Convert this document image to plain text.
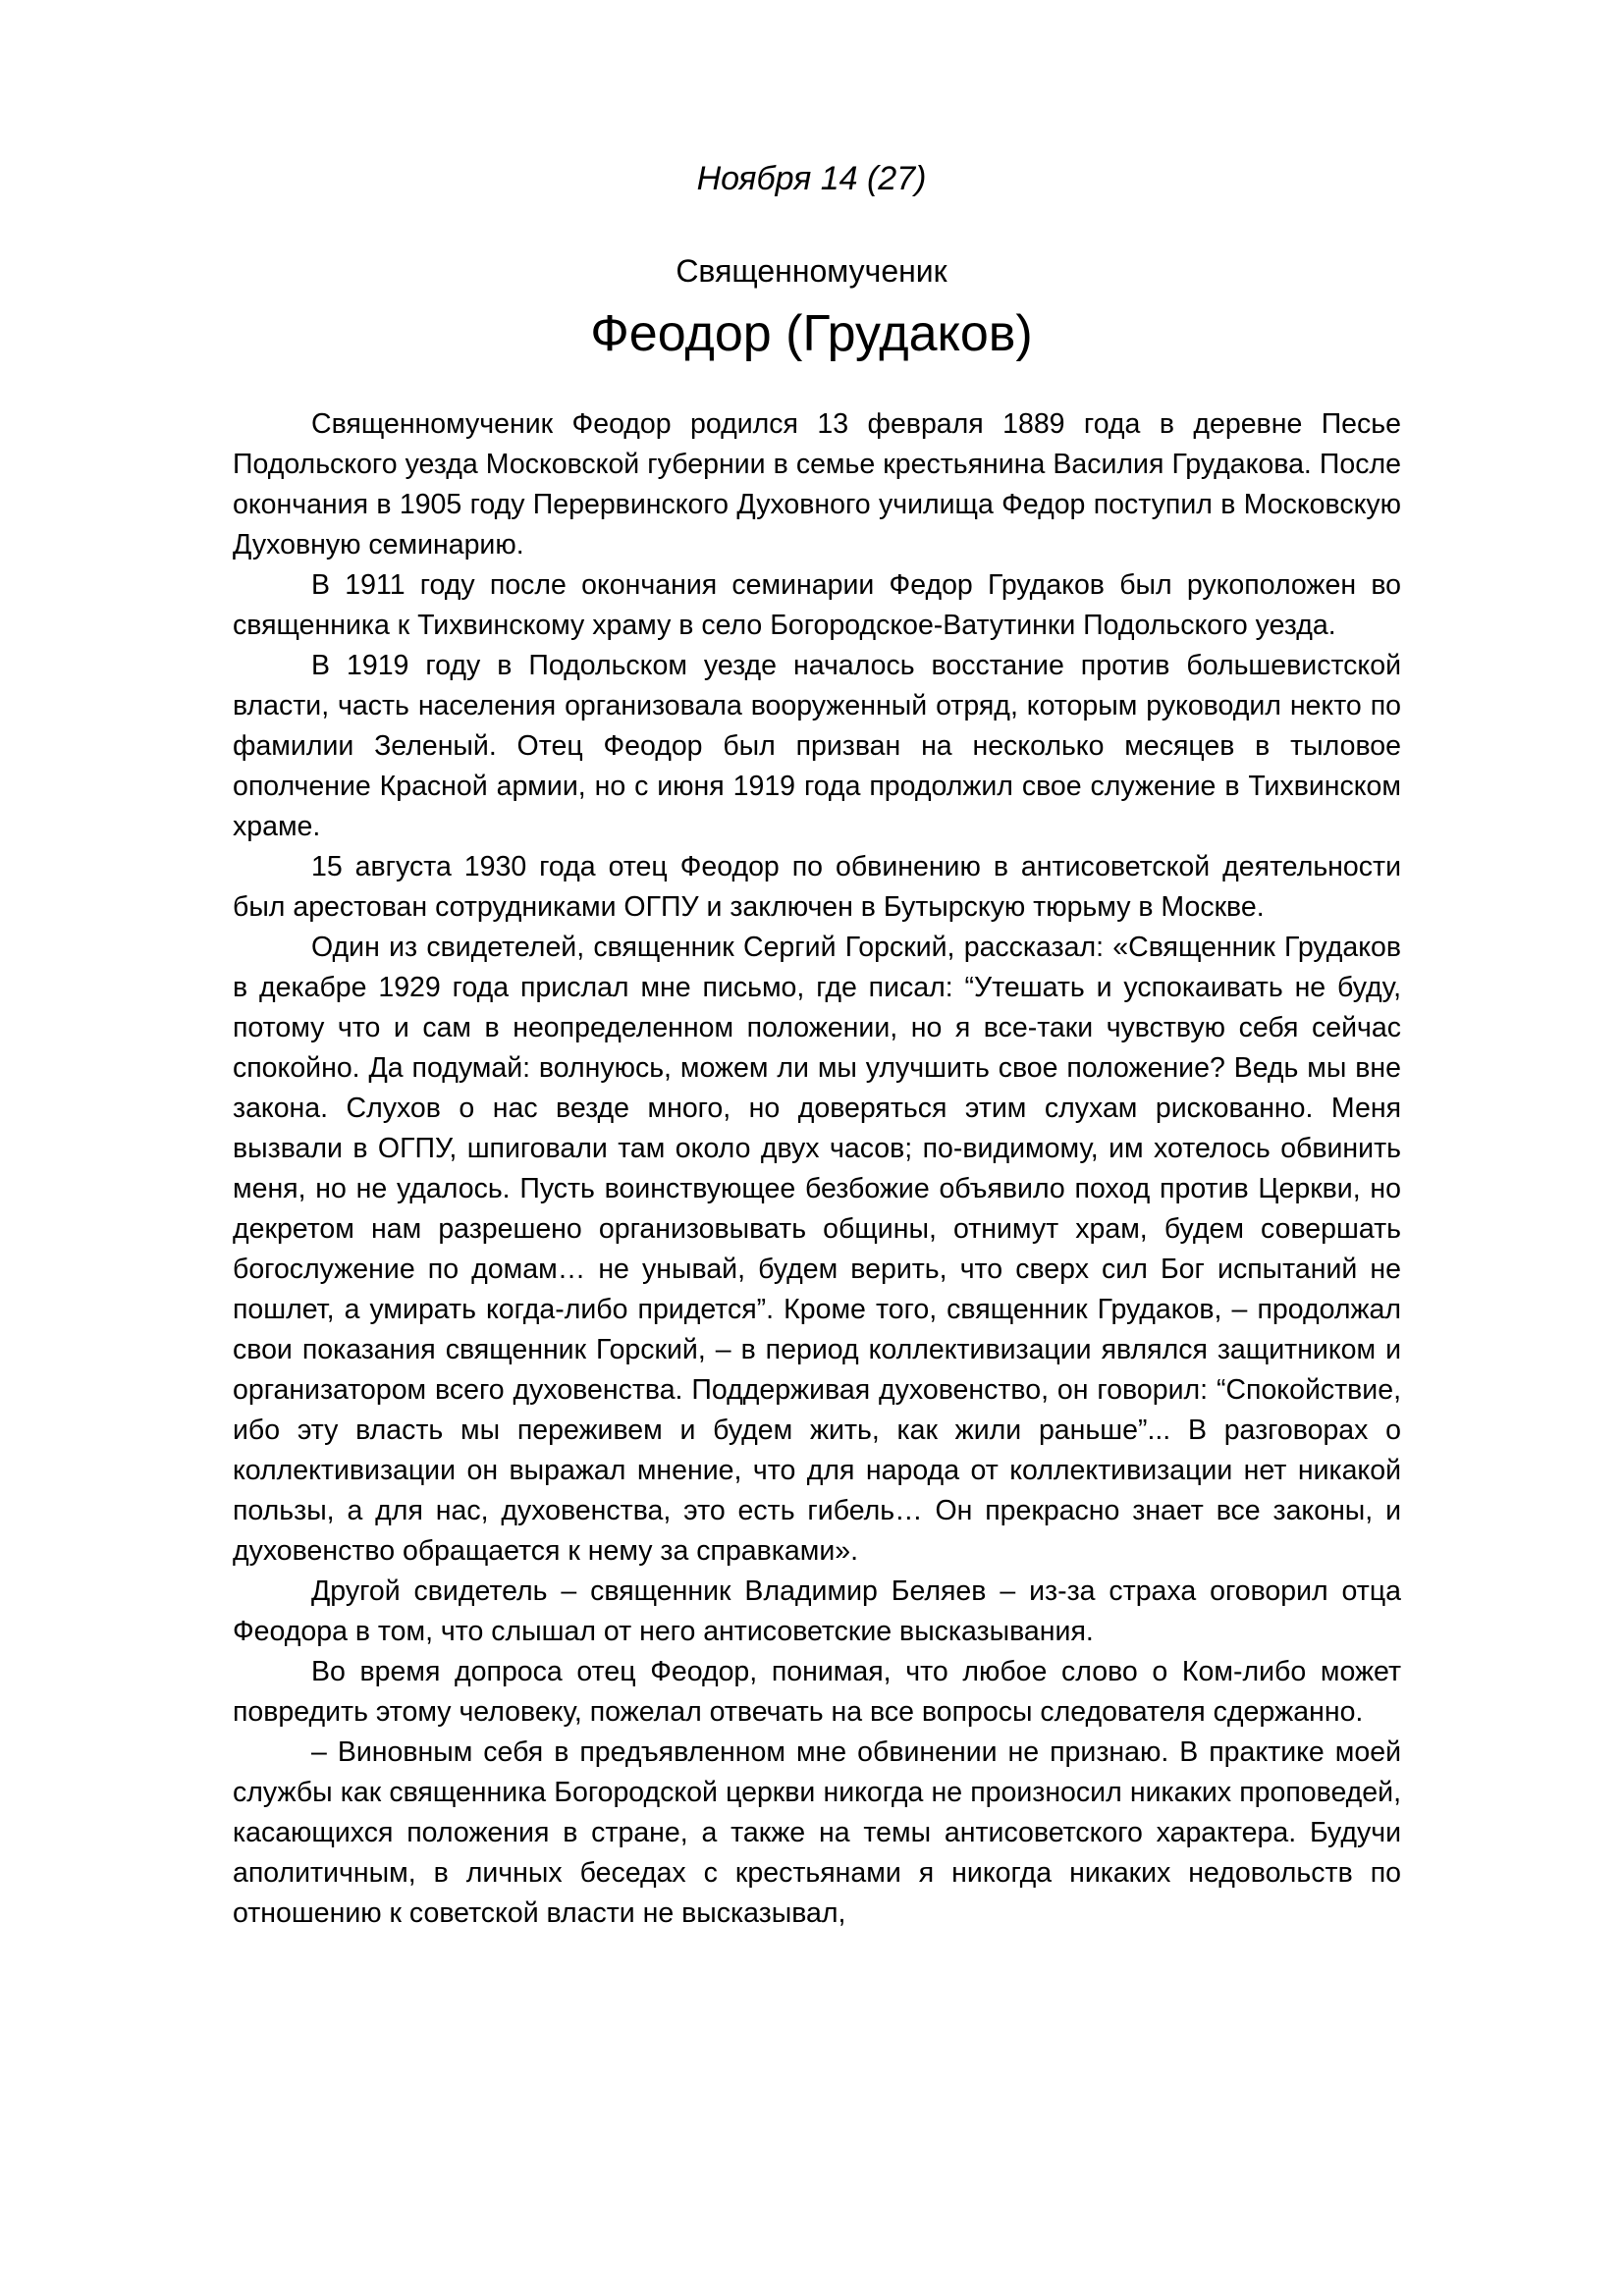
Ноября 14 (27)
Священномученик
Феодор (Грудаков)

Священномученик Феодор родился 13 февраля 1889 года в деревне Песье Подольского уезда Московской губернии в семье крестьянина Василия Грудакова. После окончания в 1905 году Перервинского Духовного училища Федор поступил в Московскую Духовную семинарию.

В 1911 году после окончания семинарии Федор Грудаков был рукоположен во священника к Тихвинскому храму в село Богородское-Ватутинки Подольского уезда.

В 1919 году в Подольском уезде началось восстание против большевистской власти, часть населения организовала вооруженный отряд, которым руководил некто по фамилии Зеленый. Отец Феодор был призван на несколько месяцев в тыловое ополчение Красной армии, но с июня 1919 года продолжил свое служение в Тихвинском храме.

15 августа 1930 года отец Феодор по обвинению в антисоветской деятельности был арестован сотрудниками ОГПУ и заключен в Бутырскую тюрьму в Москве.

Один из свидетелей, священник Сергий Горский, рассказал: «Священник Грудаков в декабре 1929 года прислал мне письмо, где писал: “Утешать и успокаивать не буду, потому что и сам в неопределенном положении, но я все-таки чувствую себя сейчас спокойно. Да подумай: волнуюсь, можем ли мы улучшить свое положение? Ведь мы вне закона. Слухов о нас везде много, но доверяться этим слухам рискованно. Меня вызвали в ОГПУ, шпиговали там около двух часов; по-видимому, им хотелось обвинить меня, но не удалось. Пусть воинствующее безбожие объявило поход против Церкви, но декретом нам разрешено организовывать общины, отнимут храм, будем совершать богослужение по домам… не унывай, будем верить, что сверх сил Бог испытаний не пошлет, а умирать когда-либо придется”. Кроме того, священник Грудаков, – продолжал свои показания священник Горский, – в период коллективизации являлся защитником и организатором всего духовенства. Поддерживая духовенство, он говорил: “Спокойствие, ибо эту власть мы переживем и будем жить, как жили раньше”... В разговорах о коллективизации он выражал мнение, что для народа от коллективизации нет никакой пользы, а для нас, духовенства, это есть гибель… Он прекрасно знает все законы, и духовенство обращается к нему за справками».

Другой свидетель – священник Владимир Беляев – из-за страха оговорил отца Феодора в том, что слышал от него антисоветские высказывания.

Во время допроса отец Феодор, понимая, что любое слово о Ком-либо может повредить этому человеку, пожелал отвечать на все вопросы следователя сдержанно.

– Виновным себя в предъявленном мне обвинении не признаю. В практике моей службы как священника Богородской церкви никогда не произносил никаких проповедей, касающихся положения в стране, а также на темы антисоветского характера. Будучи аполитичным, в личных беседах с крестьянами я никогда никаких недовольств по отношению к советской власти не высказывал,
